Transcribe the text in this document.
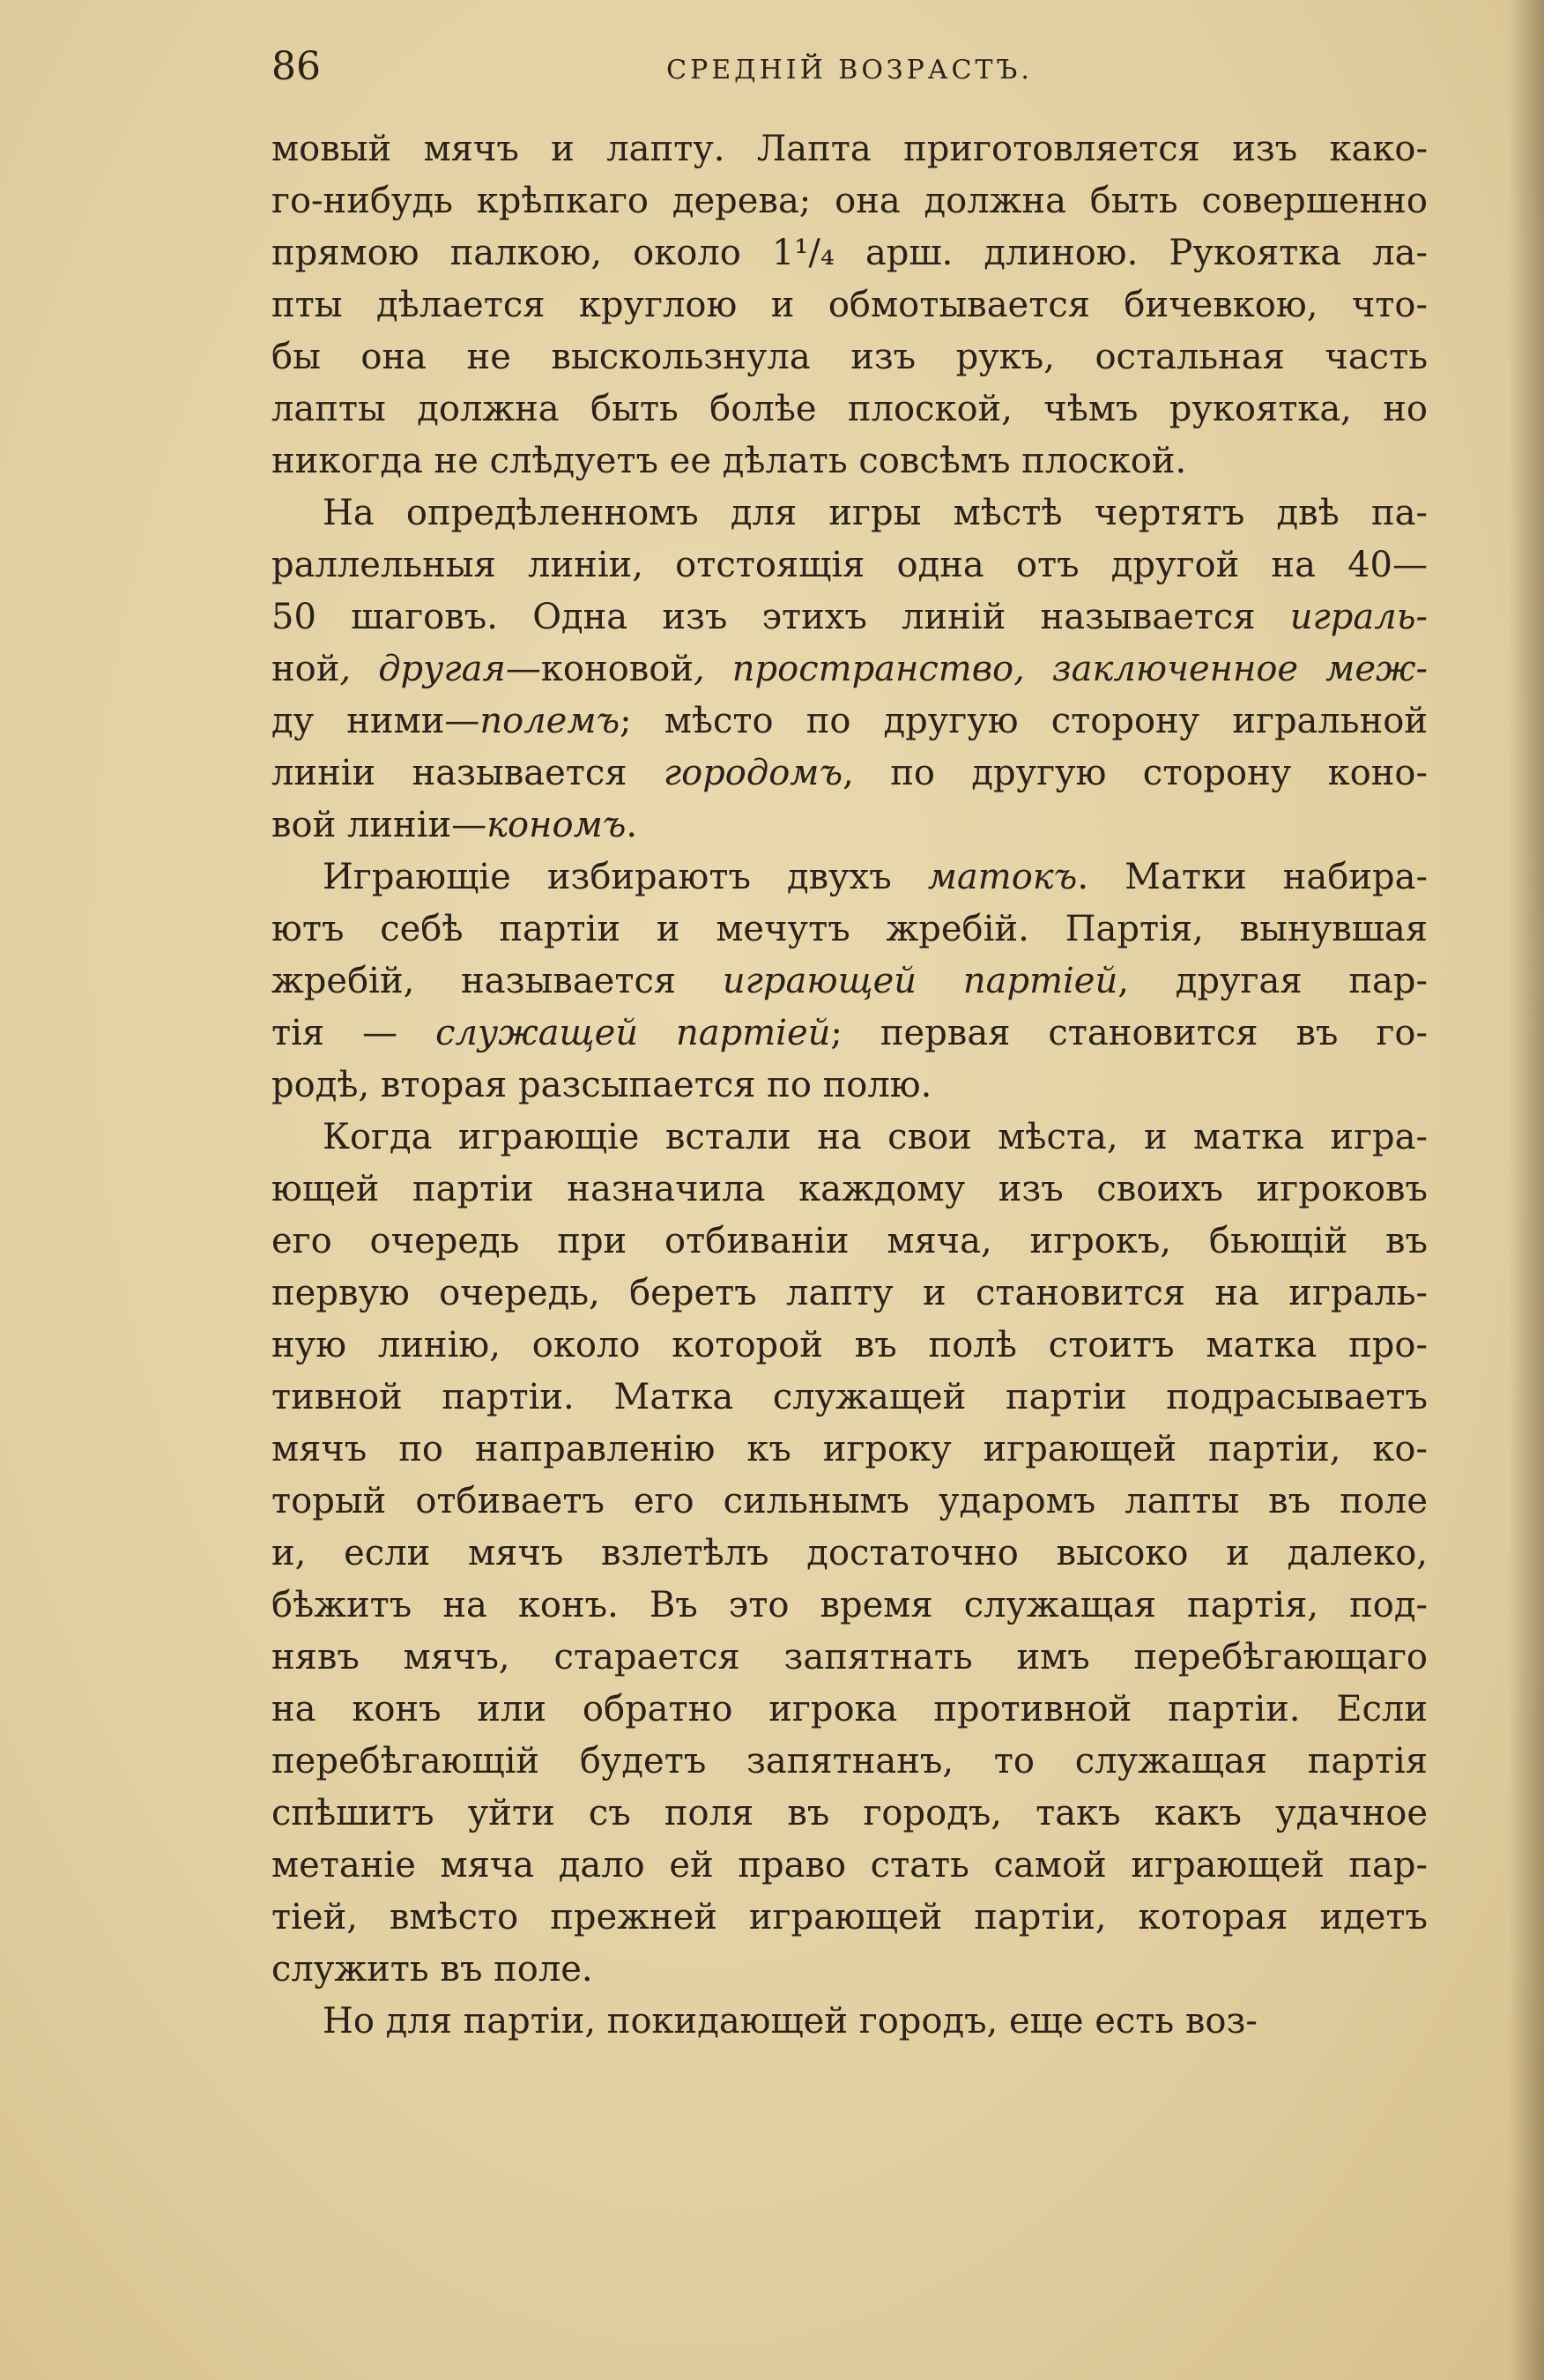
86	СРЕДНІЙ ВОЗРАСТЪ.
мовый мячъ и лапту. Лапта приготовляется изъ како-
го-нибудь крѣпкаго дерева; она должна быть совершенно
прямою палкою, около 1¹/₄ арш. длиною. Рукоятка ла-
пты дѣлается круглою и обмотывается бичевкою, что-
бы она не выскользнула изъ рукъ, остальная часть
лапты должна быть болѣе плоской, чѣмъ рукоятка, но
никогда не слѣдуетъ ее дѣлать совсѣмъ плоской.
На опредѣленномъ для игры мѣстѣ чертятъ двѣ па-
раллельныя линіи, отстоящія одна отъ другой на 40—
50 шаговъ. Одна изъ этихъ линій называется играль-
ной, другая—коновой, пространство, заключенное меж-
ду ними—полемъ; мѣсто по другую сторону игральной
линіи называется городомъ, по другую сторону коно-
вой линіи—кономъ.
Играющіе избираютъ двухъ матокъ. Матки набира-
ютъ себѣ партіи и мечутъ жребій. Партія, вынувшая
жребій, называется играющей партіей, другая пар-
тія — служащей партіей; первая становится въ го-
родѣ, вторая разсыпается по полю.
Когда играющіе встали на свои мѣста, и матка игра-
ющей партіи назначила каждому изъ своихъ игроковъ
его очередь при отбиваніи мяча, игрокъ, бьющій въ
первую очередь, беретъ лапту и становится на играль-
ную линію, около которой въ полѣ стоитъ матка про-
тивной партіи. Матка служащей партіи подрасываетъ
мячъ по направленію къ игроку играющей партіи, ко-
торый отбиваетъ его сильнымъ ударомъ лапты въ поле
и, если мячъ взлетѣлъ достаточно высоко и далеко,
бѣжитъ на конъ. Въ это время служащая партія, под-
нявъ мячъ, старается запятнать имъ перебѣгающаго
на конъ или обратно игрока противной партіи. Если
перебѣгающій будетъ запятнанъ, то служащая партія
спѣшитъ уйти съ поля въ городъ, такъ какъ удачное
метаніе мяча дало ей право стать самой играющей пар-
тіей, вмѣсто прежней играющей партіи, которая идетъ
служить въ поле.
Но для партіи, покидающей городъ, еще есть воз-
